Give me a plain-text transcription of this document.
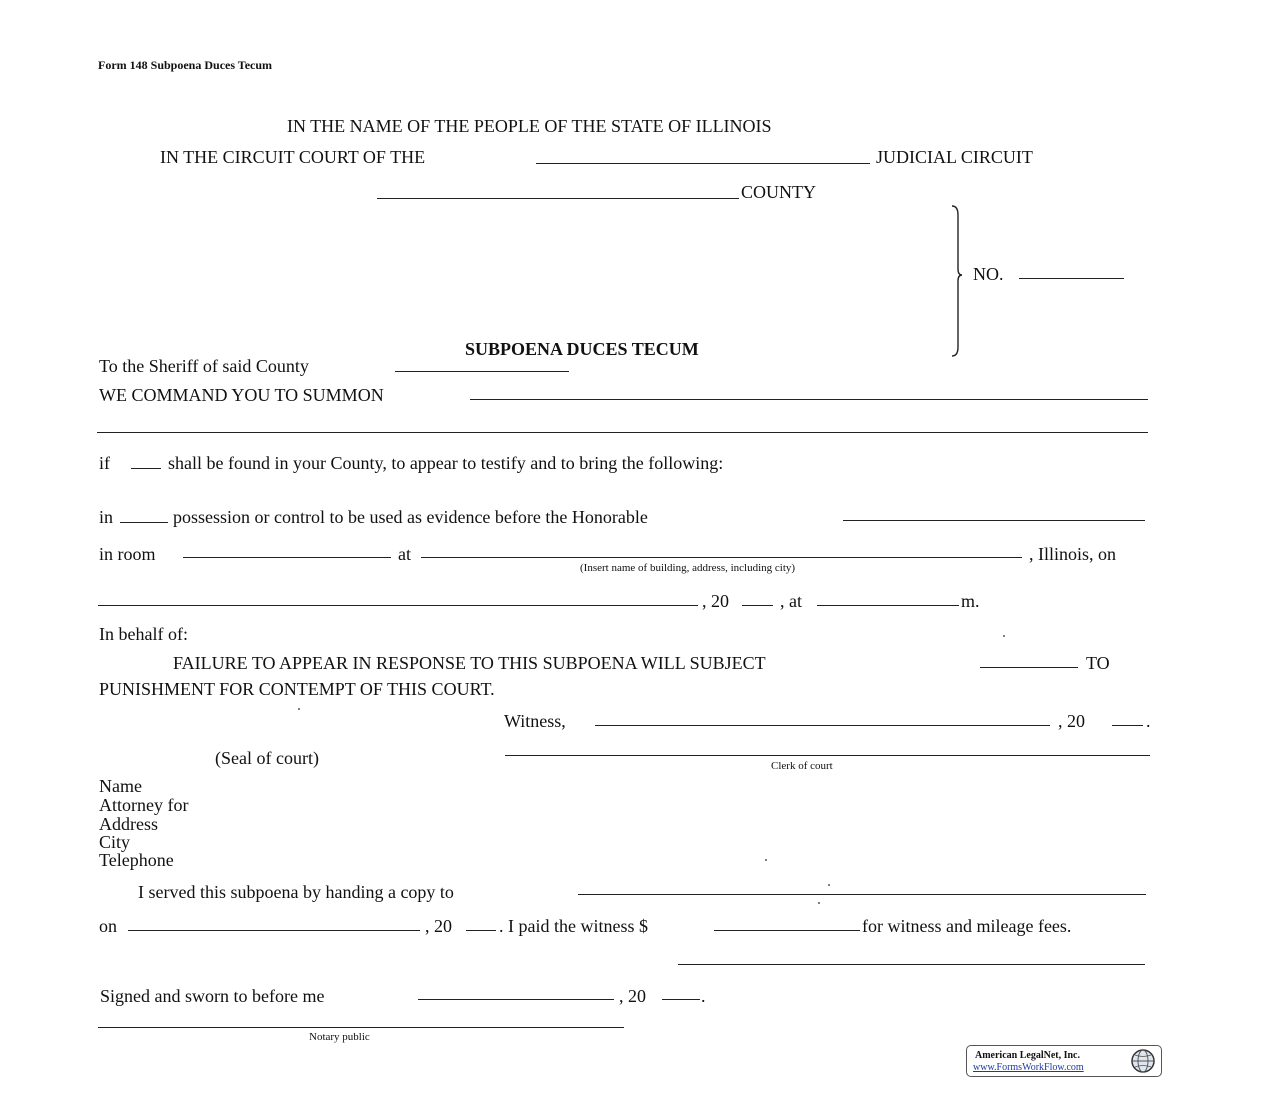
Form 148 Subpoena Duces Tecum
IN THE NAME OF THE PEOPLE OF THE STATE OF ILLINOIS
IN THE CIRCUIT COURT OF THE	JUDICIAL CIRCUIT
COUNTY
NO.
SUBPOENA DUCES TECUM
To the Sheriff of said County
WE COMMAND YOU TO SUMMON
if	shall be found in your County, to appear to testify and to bring the following:
in	possession or control to be used as evidence before the Honorable
in room	at	, Illinois, on
(Insert name of building, address, including city)
, 20	, at	m.
In behalf of:
FAILURE TO APPEAR IN RESPONSE TO THIS SUBPOENA WILL SUBJECT	TO
PUNISHMENT FOR CONTEMPT OF THIS COURT.
Witness,	, 20	.
(Seal of court)	Clerk of court
Name
Attorney for
Address
City
Telephone
I served this subpoena by handing a copy to
on	, 20	. I paid the witness $	for witness and mileage fees.
Signed and sworn to before me	, 20	.
Notary public
American LegalNet, Inc.
www.FormsWorkFlow.com
